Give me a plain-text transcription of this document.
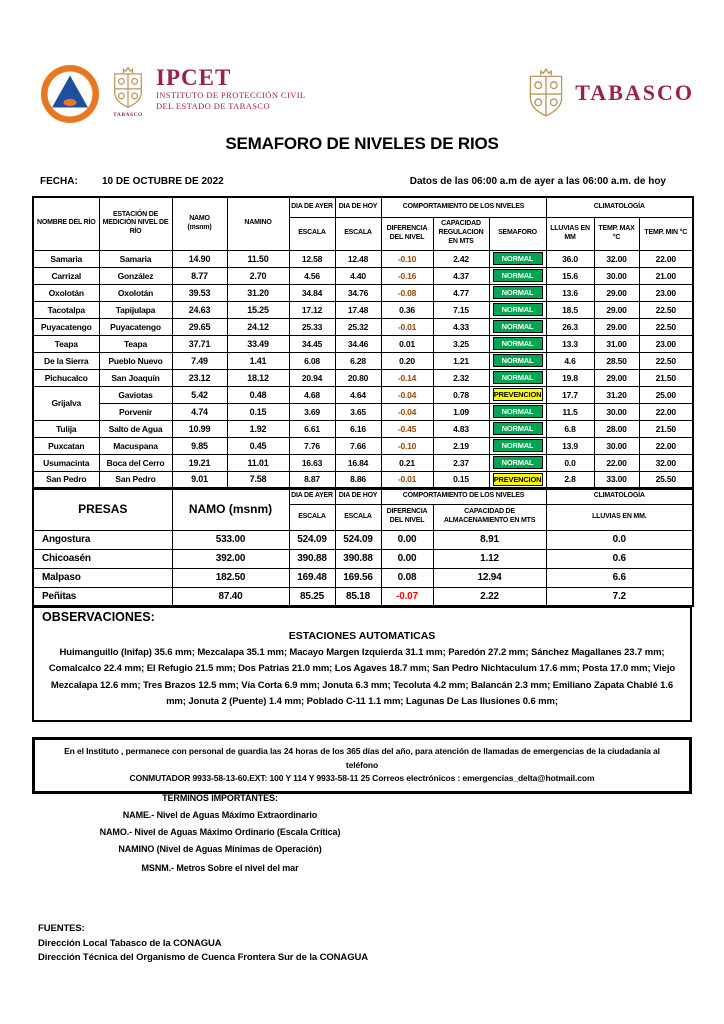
TABASCO
IPCET
INSTITUTO DE PROTECCIÓN CIVIL
DEL ESTADO DE TABASCO
TABASCO
SEMAFORO DE NIVELES DE RIOS
FECHA:	10 DE OCTUBRE DE 2022	Datos de las 06:00 a.m de ayer a las 06:00 a.m. de hoy
NOMBRE DEL RÍO	ESTACIÓN DE MEDICIÓN NIVEL DE RÍO	NAMO
(msnm)	NAMINO	DIA DE AYER	DIA DE HOY	COMPORTAMIENTO DE LOS NIVELES			CLIMATOLOGÍA		
				ESCALA	ESCALA	DIFERENCIA DEL NIVEL	CAPACIDAD REGULACION EN MTS	SEMAFORO	LLUVIAS EN MM	TEMP. MAX °C	TEMP. MIN °C
Samaria	Samaria	14.90	11.50	12.58	12.48	-0.10	2.42	NORMAL	36.0	32.00	22.00
Carrizal	González	8.77	2.70	4.56	4.40	-0.16	4.37	NORMAL	15.6	30.00	21.00
Oxolotán	Oxolotán	39.53	31.20	34.84	34.76	-0.08	4.77	NORMAL	13.6	29.00	23.00
Tacotalpa	Tapijulapa	24.63	15.25	17.12	17.48	0.36	7.15	NORMAL	18.5	29.00	22.50
Puyacatengo	Puyacatengo	29.65	24.12	25.33	25.32	-0.01	4.33	NORMAL	26.3	29.00	22.50
Teapa	Teapa	37.71	33.49	34.45	34.46	0.01	3.25	NORMAL	13.3	31.00	23.00
De la Sierra	Pueblo Nuevo	7.49	1.41	6.08	6.28	0.20	1.21	NORMAL	4.6	28.50	22.50
Pichucalco	San Joaquín	23.12	18.12	20.94	20.80	-0.14	2.32	NORMAL	19.8	29.00	21.50
Grijalva	Gaviotas	5.42	0.48	4.68	4.64	-0.04	0.78	PREVENCION	17.7	31.20	25.00
	Porvenir	4.74	0.15	3.69	3.65	-0.04	1.09	NORMAL	11.5	30.00	22.00
Tulija	Salto de Agua	10.99	1.92	6.61	6.16	-0.45	4.83	NORMAL	6.8	28.00	21.50
Puxcatan	Macuspana	9.85	0.45	7.76	7.66	-0.10	2.19	NORMAL	13.9	30.00	22.00
Usumacinta	Boca del Cerro	19.21	11.01	16.63	16.84	0.21	2.37	NORMAL	0.0	22.00	32.00
San Pedro	San Pedro	9.01	7.58	8.87	8.86	-0.01	0.15	PREVENCION	2.8	33.00	25.50
PRESAS	NAMO (msnm)	DIA DE AYER	DIA DE HOY	COMPORTAMIENTO DE LOS NIVELES		CLIMATOLOGÍA
		ESCALA	ESCALA	DIFERENCIA DEL NIVEL	CAPACIDAD DE ALMACENAMIENTO EN MTS	LLUVIAS EN MM.
Angostura	533.00	524.09	524.09	0.00	8.91	0.0
Chicoasén	392.00	390.88	390.88	0.00	1.12	0.6
Malpaso	182.50	169.48	169.56	0.08	12.94	6.6
Peñitas	87.40	85.25	85.18	-0.07	2.22	7.2
OBSERVACIONES:
ESTACIONES AUTOMATICAS
Huimanguillo (Inifap) 35.6 mm; Mezcalapa 35.1 mm; Macayo Margen Izquierda 31.1 mm; Paredón 27.2 mm; Sánchez Magallanes 23.7 mm; Comalcalco 22.4 mm; El Refugio 21.5 mm; Dos Patrias 21.0 mm; Los Agaves 18.7 mm; San Pedro Nichtaculum 17.6 mm; Posta 17.0 mm; Viejo Mezcalapa 12.6 mm; Tres Brazos 12.5 mm; Vía Corta 6.9 mm; Jonuta 6.3 mm; Tecoluta 4.2 mm; Balancán 2.3 mm; Emiliano Zapata Chablé 1.6 mm; Jonuta 2 (Puente) 1.4 mm; Poblado C-11 1.1 mm; Lagunas De Las Ilusiones 0.6 mm;
En el Instituto , permanece con personal de guardia las 24 horas de los 365 días del año, para atención de llamadas de emergencias de la ciudadanía al teléfono
CONMUTADOR 9933-58-13-60.EXT: 100 Y 114 Y 9933-58-11 25 Correos electrónicos : emergencias_delta@hotmail.com
TÉRMINOS IMPORTANTES:
NAME.- Nivel de Aguas Máximo Extraordinario
NAMO.- Nivel de Aguas Máximo Ordinario (Escala Crítica)
NAMINO (Nivel de Aguas Mínimas de Operación)
MSNM.- Metros Sobre el nivel del mar
FUENTES:
Dirección Local Tabasco de la CONAGUA
Dirección Técnica del Organismo de Cuenca Frontera Sur de la CONAGUA
